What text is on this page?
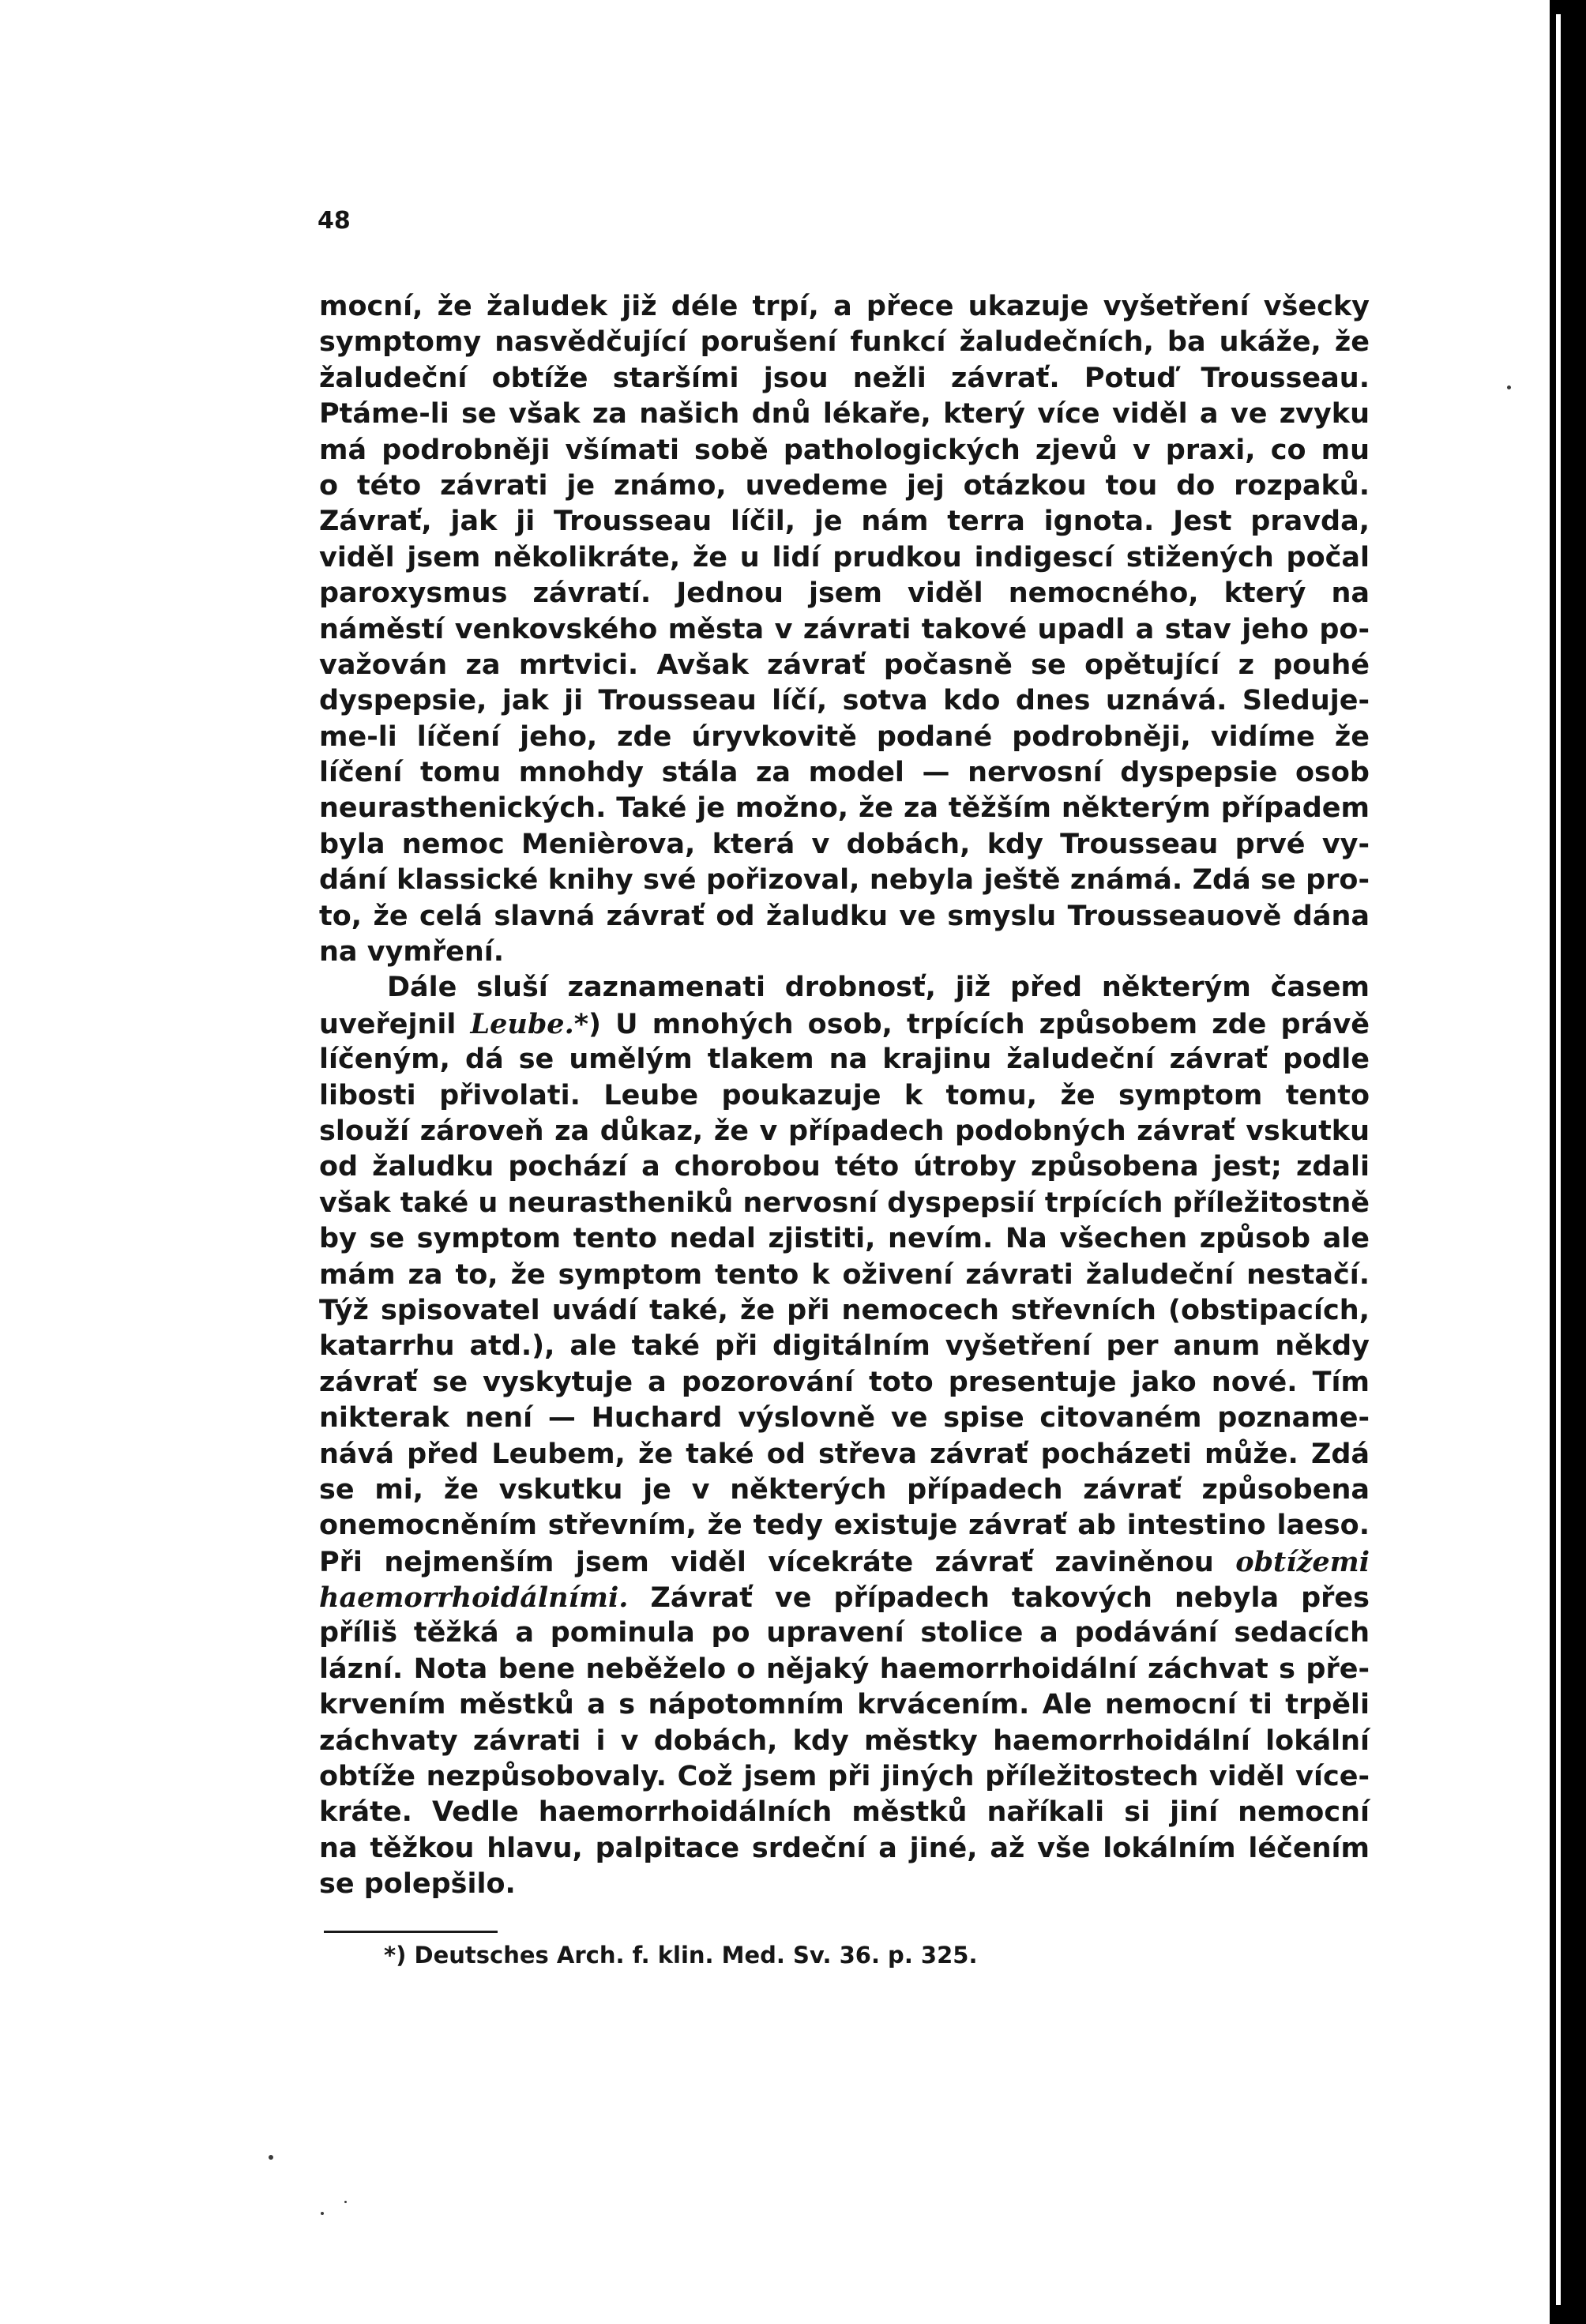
48
mocní, že žaludek již déle trpí, a přece ukazuje vyšetření všecky
symptomy nasvědčující porušení funkcí žaludečních, ba ukáže, že
žaludeční obtíže staršími jsou nežli závrať. Potuď Trousseau.
Ptáme-li se však za našich dnů lékaře, který více viděl a ve zvyku
má podrobněji všímati sobě pathologických zjevů v praxi, co mu
o této závrati je známo, uvedeme jej otázkou tou do rozpaků.
Závrať, jak ji Trousseau líčil, je nám terra ignota. Jest pravda,
viděl jsem několikráte, že u lidí prudkou indigescí stižených počal
paroxysmus závratí. Jednou jsem viděl nemocného, který na
náměstí venkovského města v závrati takové upadl a stav jeho po-
važován za mrtvici. Avšak závrať počasně se opětující z pouhé
dyspepsie, jak ji Trousseau líčí, sotva kdo dnes uznává. Sleduje-
me-li líčení jeho, zde úryvkovitě podané podrobněji, vidíme že
líčení tomu mnohdy stála za model — nervosní dyspepsie osob
neurasthenických. Také je možno, že za těžším některým případem
byla nemoc Menièrova, která v dobách, kdy Trousseau prvé vy-
dání klassické knihy své pořizoval, nebyla ještě známá. Zdá se pro-
to, že celá slavná závrať od žaludku ve smyslu Trousseauově dána
na vymření.
Dále sluší zaznamenati drobnosť, již před některým časem
uveřejnil Leube.*) U mnohých osob, trpících způsobem zde právě
líčeným, dá se umělým tlakem na krajinu žaludeční závrať podle
libosti přivolati. Leube poukazuje k tomu, že symptom tento
slouží zároveň za důkaz, že v případech podobných závrať vskutku
od žaludku pochází a chorobou této útroby způsobena jest; zdali
však také u neurastheniků nervosní dyspepsií trpících příležitostně
by se symptom tento nedal zjistiti, nevím. Na všechen způsob ale
mám za to, že symptom tento k oživení závrati žaludeční nestačí.
Týž spisovatel uvádí také, že při nemocech střevních (obstipacích,
katarrhu atd.), ale také při digitálním vyšetření per anum někdy
závrať se vyskytuje a pozorování toto presentuje jako nové. Tím
nikterak není — Huchard výslovně ve spise citovaném pozname-
nává před Leubem, že také od střeva závrať pocházeti může. Zdá
se mi, že vskutku je v některých případech závrať způsobena
onemocněním střevním, že tedy existuje závrať ab intestino laeso.
Při nejmenším jsem viděl vícekráte závrať zaviněnou obtížemi
haemorrhoidálními. Závrať ve případech takových nebyla přes
příliš těžká a pominula po upravení stolice a podávání sedacích
lázní. Nota bene neběželo o nějaký haemorrhoidální záchvat s pře-
krvením městků a s nápotomním krvácením. Ale nemocní ti trpěli
záchvaty závrati i v dobách, kdy městky haemorrhoidální lokální
obtíže nezpůsobovaly. Což jsem při jiných příležitostech viděl více-
kráte. Vedle haemorrhoidálních městků naříkali si jiní nemocní
na těžkou hlavu, palpitace srdeční a jiné, až vše lokálním léčením
se polepšilo.
*) Deutsches Arch. f. klin. Med. Sv. 36. p. 325.
